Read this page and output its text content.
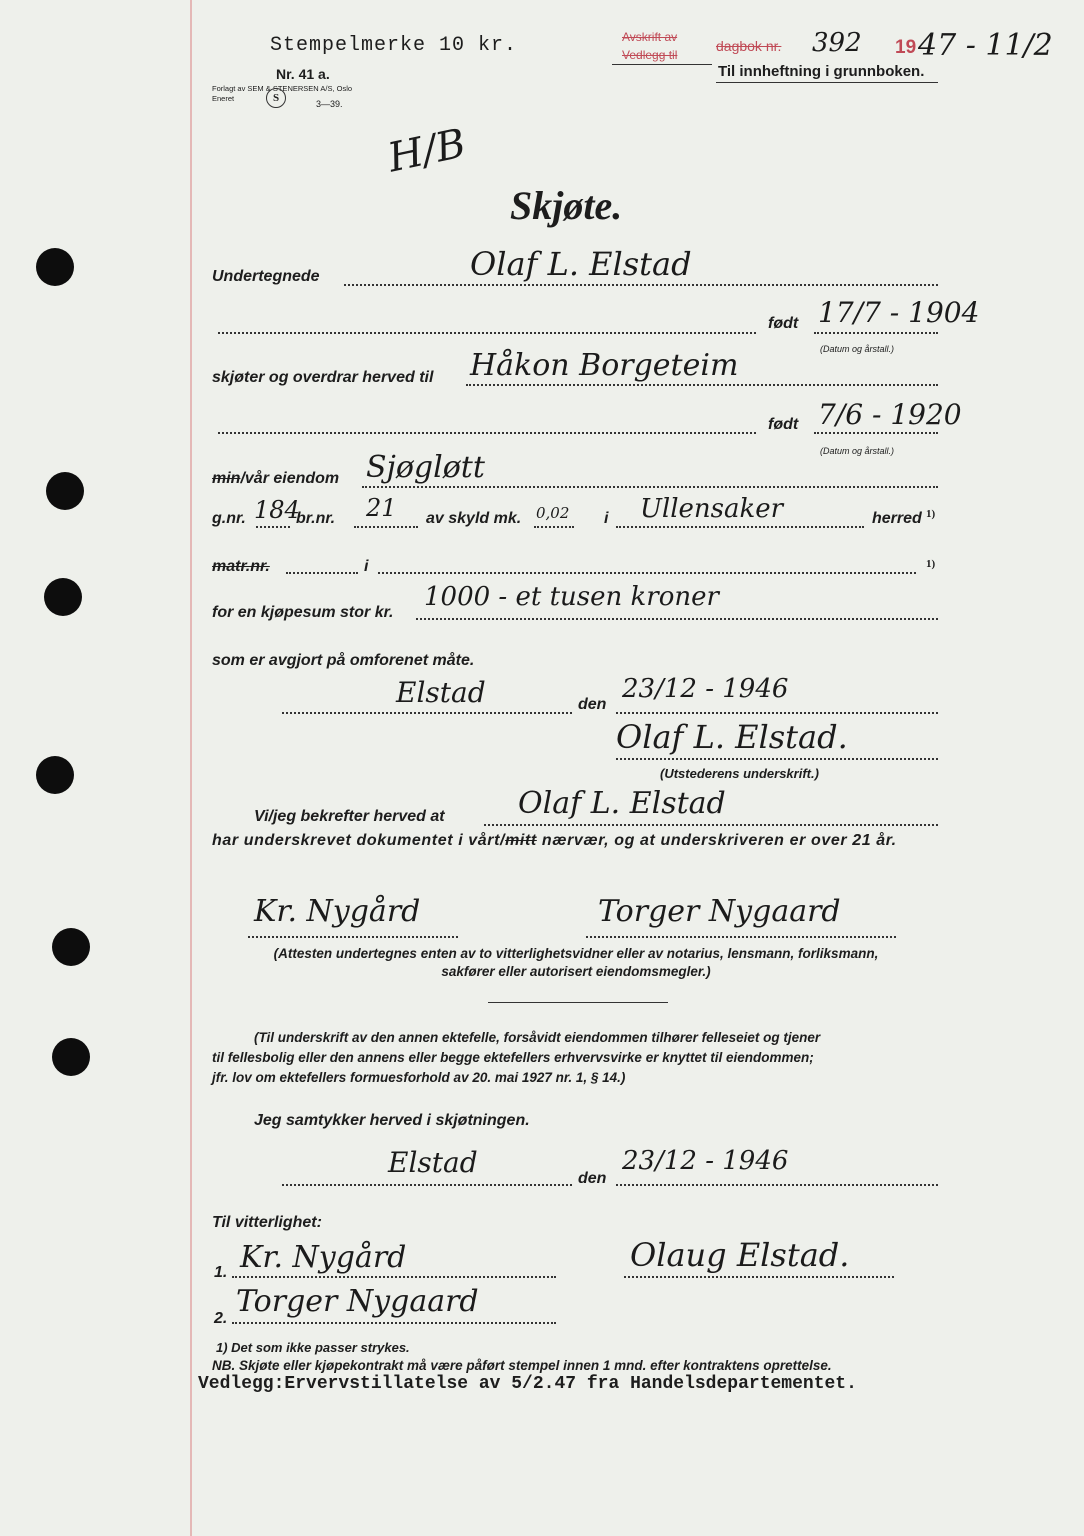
Stempelmerke 10 kr.
Nr. 41 a.
Forlagt av SEM & STENERSEN A/S, Oslo
Eneret	S	3—39.
Avskrift av
Vedlegg til
dagbok nr. 392 19 47 - 11/2
Til innheftning i grunnboken.
H/B
Skjøte.
Undertegnede	Olaf L. Elstad
født 17/7 - 1904
(Datum og årstall.)
skjøter og overdrar herved til Håkon Borgeteim
født 7/6 - 1920
(Datum og årstall.)
min/vår eiendom Sjøgløtt
g.nr. 184
br.nr. 21 av skyld mk. 0,02 i Ullensaker	herred 1)
matr.nr.	i	1)
for en kjøpesum stor kr.
1000 - et tusen kroner
som er avgjort på omforenet måte.
Elstad	den
23/12 - 1946
Olaf L. Elstad.
(Utstederens underskrift.)
Vi/jeg bekrefter herved at Olaf L. Elstad
har underskrevet dokumentet i vårt/mitt nærvær, og at underskriveren er over 21 år.
Kr. Nygård	Torger Nygaard
(Attesten undertegnes enten av to vitterlighetsvidner eller av notarius, lensmann, forliksmann,
sakfører eller autorisert eiendomsmegler.)
(Til underskrift av den annen ektefelle, forsåvidt eiendommen tilhører felleseiet og tjener
til fellesbolig eller den annens eller begge ektefellers erhvervsvirke er knyttet til eiendommen;
jfr. lov om ektefellers formuesforhold av 20. mai 1927 nr. 1, § 14.)
Jeg samtykker herved i skjøtningen.
Elstad	den
23/12 - 1946
Til vitterlighet:
1. Kr. Nygård	Olaug Elstad.
2. Torger Nygaard
1) Det som ikke passer strykes.
NB. Skjøte eller kjøpekontrakt må være påført stempel innen 1 mnd. efter kontraktens oprettelse.
Vedlegg:Ervervstillatelse av 5/2.47 fra Handelsdepartementet.
